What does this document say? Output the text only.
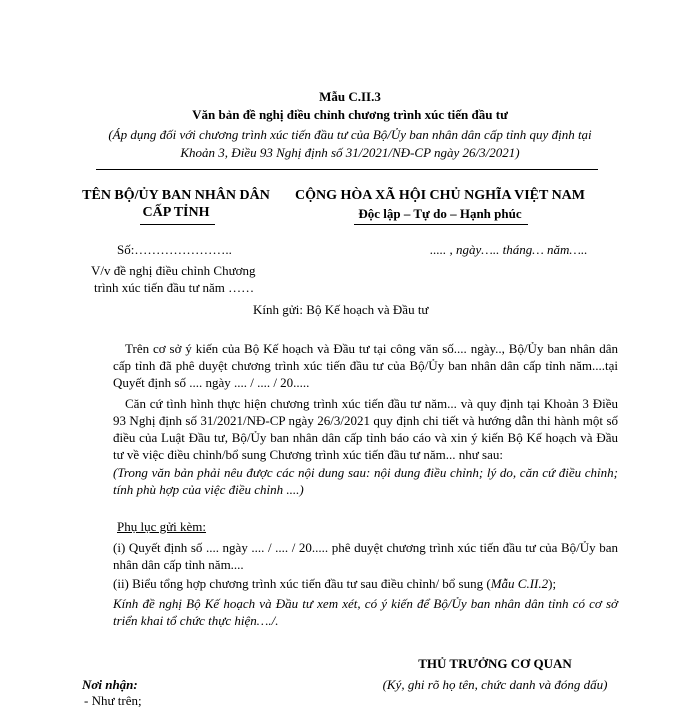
Mẫu C.II.3
Văn bản đề nghị điều chỉnh chương trình xúc tiến đầu tư
(Áp dụng đối với chương trình xúc tiến đầu tư của Bộ/Ủy ban nhân dân cấp tỉnh quy định tại
Khoản 3, Điều 93 Nghị định số 31/2021/NĐ-CP ngày 26/3/2021)
TÊN BỘ/ỦY BAN NHÂN DÂN
CẤP TỈNH
CỘNG HÒA XÃ HỘI CHỦ NGHĨA VIỆT NAM
Độc lập – Tự do – Hạnh phúc
Số:…………………..	..... , ngày….. tháng… năm…..
V/v đề nghị điều chỉnh Chương
trình xúc tiến đầu tư năm ……
Kính gửi: Bộ Kế hoạch và Đầu tư
Trên cơ sở ý kiến của Bộ Kế hoạch và Đầu tư tại công văn số.... ngày.., Bộ/Ủy ban nhân dân cấp tỉnh đã phê duyệt chương trình xúc tiến đầu tư của Bộ/Ủy ban nhân dân cấp tỉnh năm....tại Quyết định số .... ngày .... / .... / 20.....
Căn cứ tình hình thực hiện chương trình xúc tiến đầu tư năm... và quy định tại Khoản 3 Điều 93 Nghị định số 31/2021/NĐ-CP ngày 26/3/2021 quy định chi tiết và hướng dẫn thi hành một số điều của Luật Đầu tư, Bộ/Ủy ban nhân dân cấp tỉnh báo cáo và xin ý kiến Bộ Kế hoạch và Đầu tư về việc điều chỉnh/bổ sung Chương trình xúc tiến đầu tư năm... như sau:
(Trong văn bản phải nêu được các nội dung sau: nội dung điều chỉnh; lý do, căn cứ điều chỉnh; tính phù hợp của việc điều chỉnh ....)
Phụ lục gửi kèm:
(i) Quyết định số .... ngày .... / .... / 20..... phê duyệt chương trình xúc tiến đầu tư của Bộ/Ủy ban nhân dân cấp tỉnh năm....
(ii) Biểu tổng hợp chương trình xúc tiến đầu tư sau điều chỉnh/ bổ sung (Mẫu C.II.2);
Kính đề nghị Bộ Kế hoạch và Đầu tư xem xét, có ý kiến để Bộ/Ủy ban nhân dân tỉnh có cơ sở triển khai tổ chức thực hiện…./.
THỦ TRƯỞNG CƠ QUAN
(Ký, ghi rõ họ tên, chức danh và đóng dấu)
Nơi nhận:
- Như trên;
